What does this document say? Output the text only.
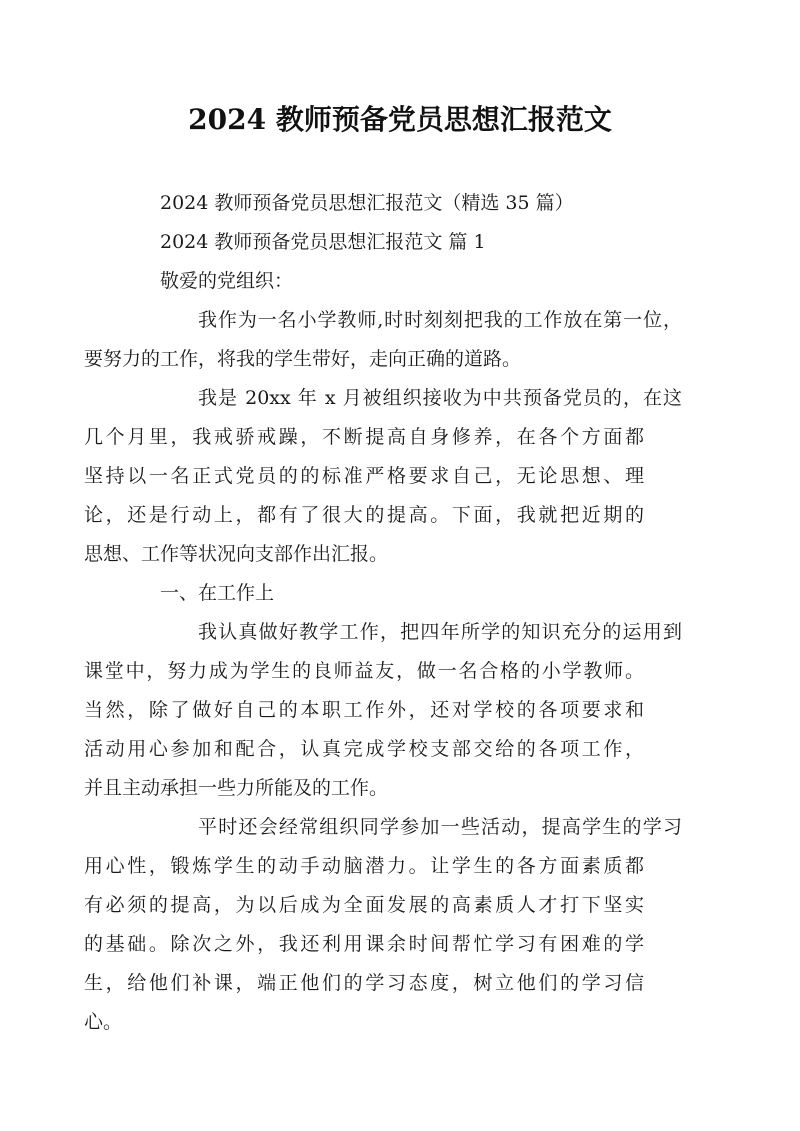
2024 教师预备党员思想汇报范文
2024 教师预备党员思想汇报范文（精选 35 篇）
2024 教师预备党员思想汇报范文 篇 1
敬爱的党组织：
我作为一名小学教师,时时刻刻把我的工作放在第一位，
要努力的工作，将我的学生带好，走向正确的道路。
我是 20xx 年 x 月被组织接收为中共预备党员的，在这
几个月里，我戒骄戒躁，不断提高自身修养，在各个方面都
坚持以一名正式党员的的标准严格要求自己，无论思想、理
论，还是行动上，都有了很大的提高。下面，我就把近期的
思想、工作等状况向支部作出汇报。
一、在工作上
我认真做好教学工作，把四年所学的知识充分的运用到
课堂中，努力成为学生的良师益友，做一名合格的小学教师。
当然，除了做好自己的本职工作外，还对学校的各项要求和
活动用心参加和配合，认真完成学校支部交给的各项工作，
并且主动承担一些力所能及的工作。
平时还会经常组织同学参加一些活动，提高学生的学习
用心性，锻炼学生的动手动脑潜力。让学生的各方面素质都
有必须的提高，为以后成为全面发展的高素质人才打下坚实
的基础。除次之外，我还利用课余时间帮忙学习有困难的学
生，给他们补课，端正他们的学习态度，树立他们的学习信
心。
